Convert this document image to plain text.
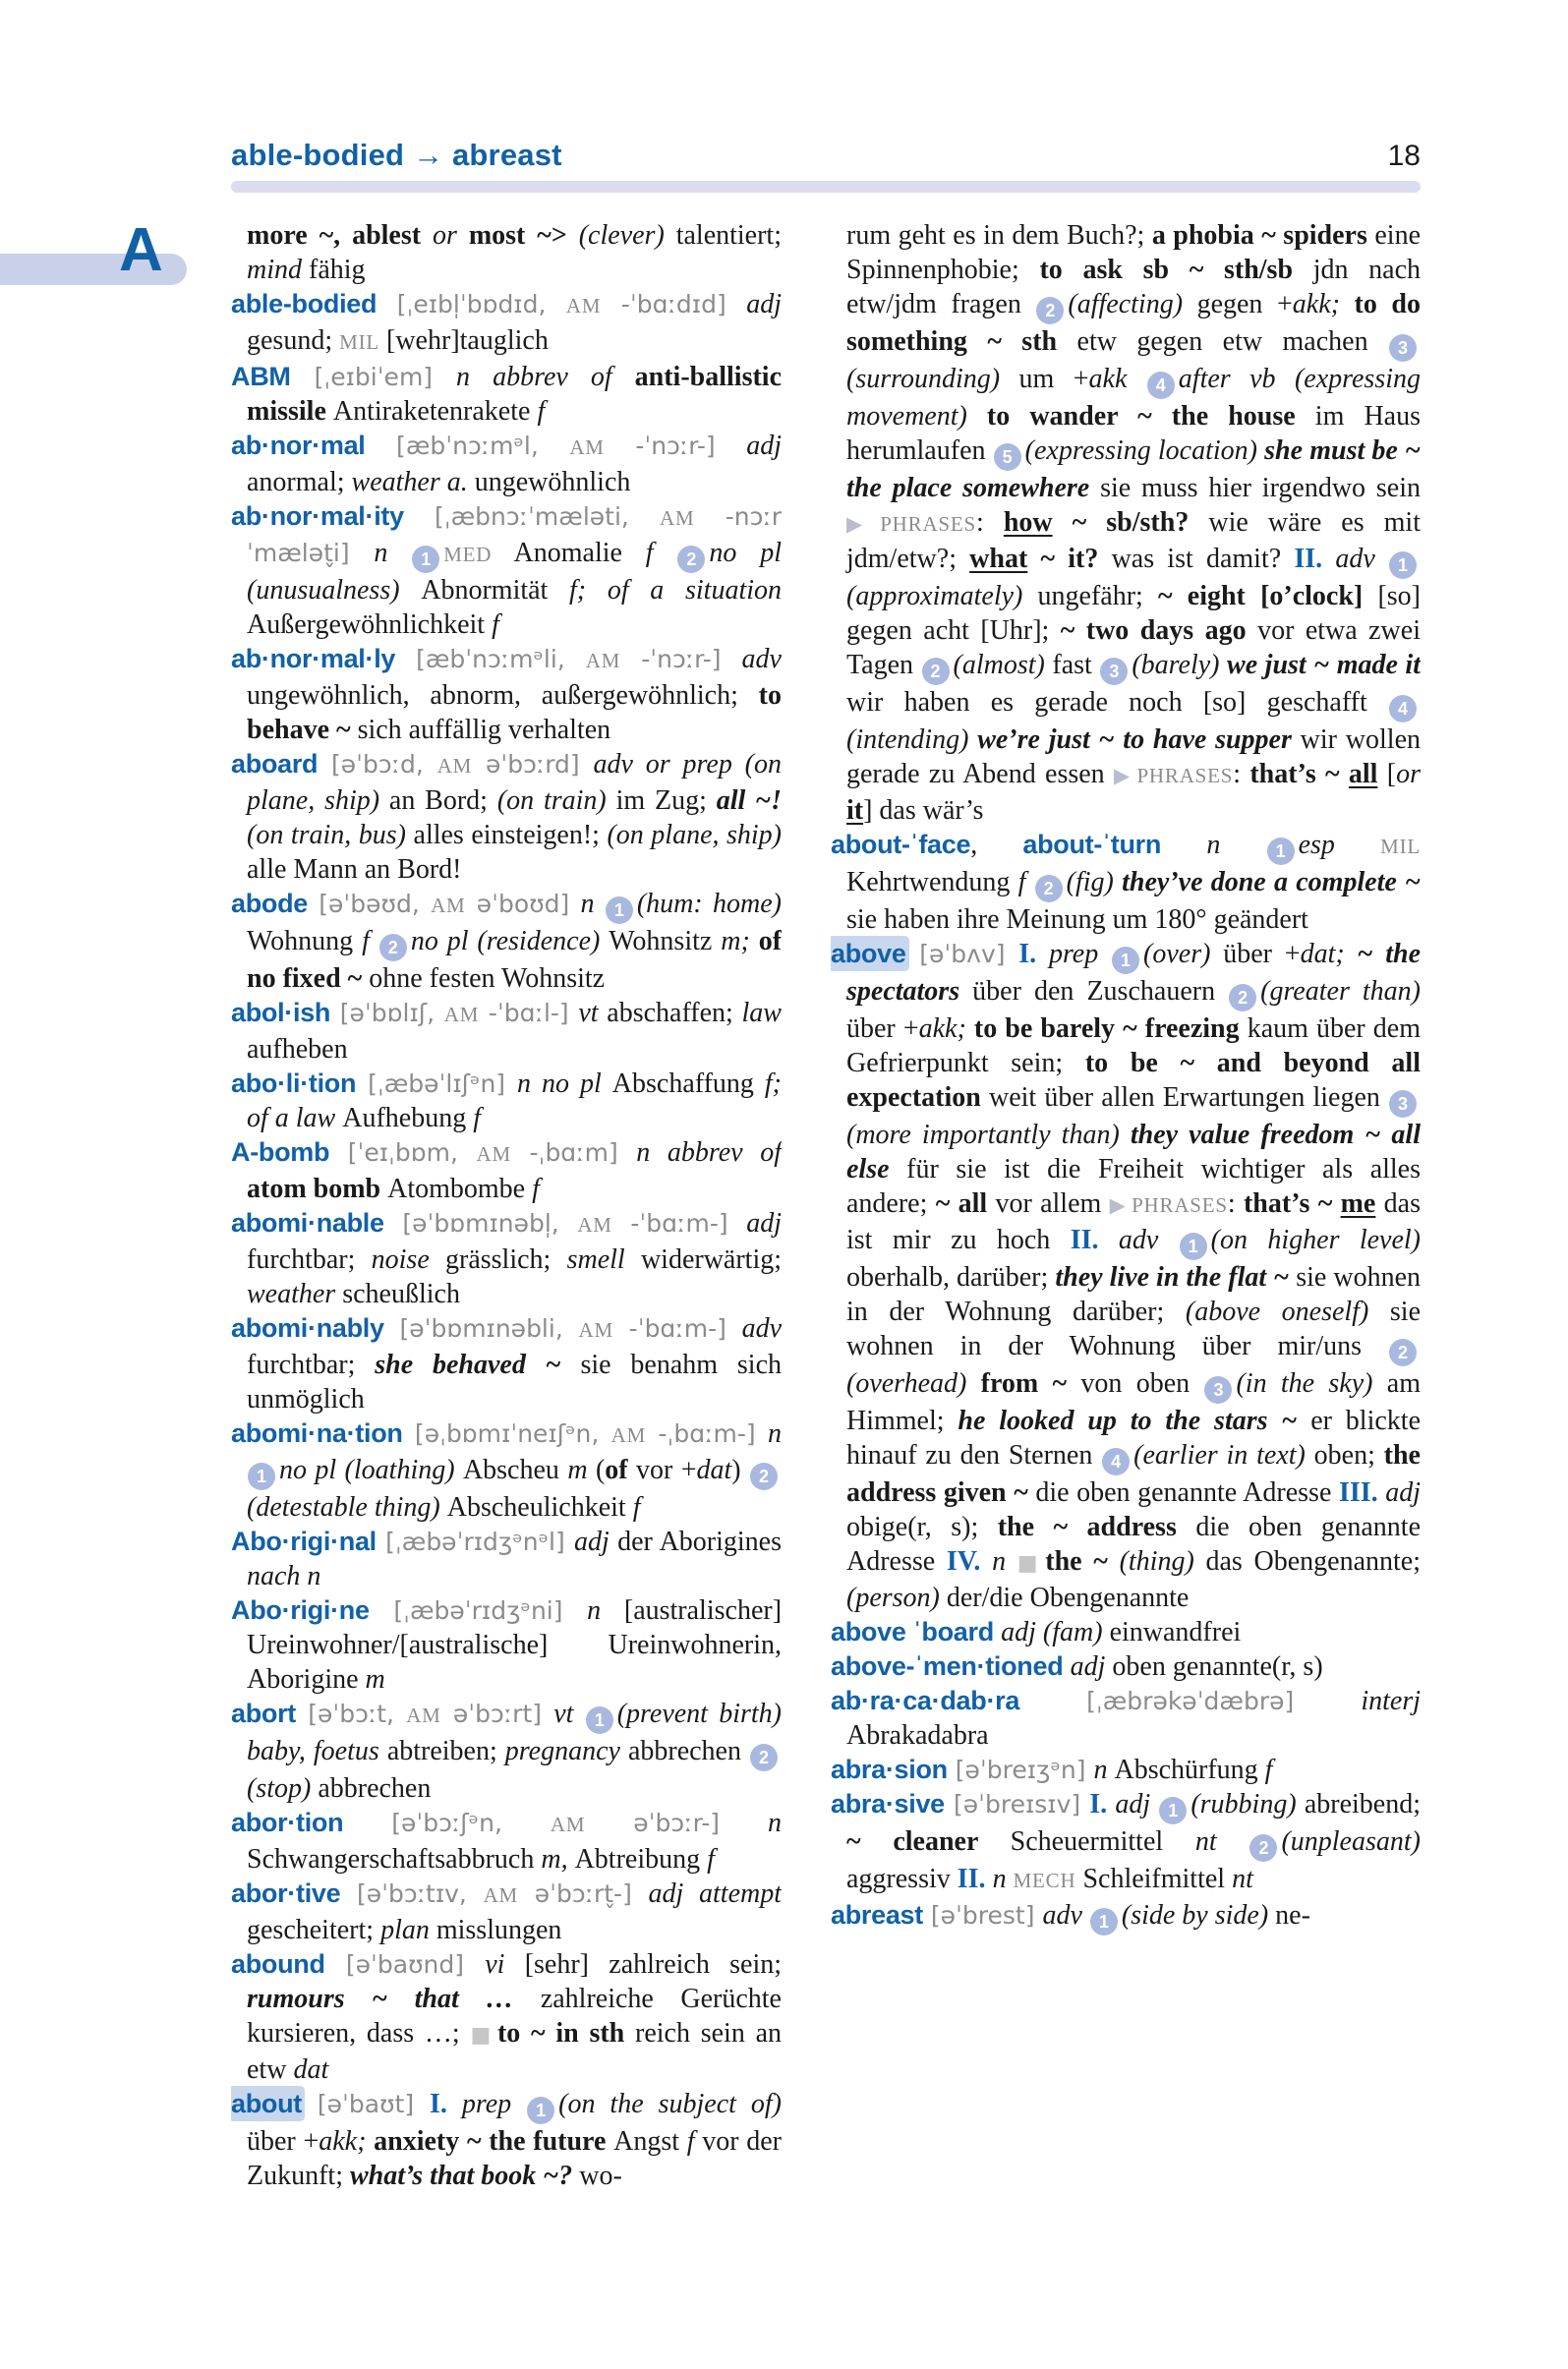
able-bodied → abreast	18
A	more ~, ablest or most ~> (clever) talentiert; mind fähig

able-bodied [ˌeɪbl̩ˈbɒdɪd, AM -ˈbɑːdɪd] adj gesund; MIL [wehr]tauglich

ABM [ˌeɪbiˈem] n abbrev of anti-ballistic missile Antiraketenrakete f

ab·nor·mal [æbˈnɔːmᵊl, AM -ˈnɔːr-] adj anormal; weather a. ungewöhnlich

ab·nor·mal·ity [ˌæbnɔːˈmæləti, AM -nɔːrˈmælət̬i] n 1 MED Anomalie f 2 no pl (unusualness) Abnormität f; of a situation Außergewöhnlichkeit f

ab·nor·mal·ly [æbˈnɔːmᵊli, AM -ˈnɔːr-] adv ungewöhnlich, abnorm, außergewöhnlich; to behave ~ sich auffällig verhalten

aboard [əˈbɔːd, AM əˈbɔːrd] adv or prep (on plane, ship) an Bord; (on train) im Zug; all ~! (on train, bus) alles einsteigen!; (on plane, ship) alle Mann an Bord!

abode [əˈbəʊd, AM əˈboʊd] n 1 (hum: home) Wohnung f 2 no pl (residence) Wohnsitz m; of no fixed ~ ohne festen Wohnsitz

abol·ish [əˈbɒlɪʃ, AM -ˈbɑːl-] vt abschaffen; law aufheben

abo·li·tion [ˌæbəˈlɪʃᵊn] n no pl Abschaffung f; of a law Aufhebung f

A-bomb [ˈeɪˌbɒm, AM -ˌbɑːm] n abbrev of atom bomb Atombombe f

abomi·nable [əˈbɒmɪnəbl̩, AM -ˈbɑːm-] adj furchtbar; noise grässlich; smell widerwärtig; weather scheußlich

abomi·nably [əˈbɒmɪnəbli, AM -ˈbɑːm-] adv furchtbar; she behaved ~ sie benahm sich unmöglich

abomi·na·tion [əˌbɒmɪˈneɪʃᵊn, AM -ˌbɑːm-] n 1 no pl (loathing) Abscheu m (of vor +dat) 2(detestable thing) Abscheulichkeit f

Abo·rigi·nal [ˌæbəˈrɪdʒᵊnᵊl] adj der Aborigines nach n

Abo·rigi·ne [ˌæbəˈrɪdʒᵊni] n [australischer] Ureinwohner/[australische] Ureinwohnerin, Aborigine m

abort [əˈbɔːt, AM əˈbɔːrt] vt 1 (prevent birth) baby, foetus abtreiben; pregnancy abbrechen 2(stop) abbrechen

abor·tion [əˈbɔːʃᵊn, AM əˈbɔːr-] n Schwangerschaftsabbruch m, Abtreibung f

abor·tive [əˈbɔːtɪv, AM əˈbɔːrt̬-] adj attempt gescheitert; plan misslungen

abound [əˈbaʊnd] vi [sehr] zahlreich sein; rumours ~ that … zahlreiche Gerüchte kursieren, dass …; ■ to ~ in sth reich sein an etw dat

about [əˈbaʊt] I. prep 1 (on the subject of) über +akk; anxiety ~ the future Angst f vor der Zukunft; what’s that book ~? wo-

rum geht es in dem Buch?; a phobia ~ spiders eine Spinnenphobie; to ask sb ~ sth/sb jdn nach etw/jdm fragen 2 (affecting) gegen +akk; to do something ~ sth etw gegen etw machen 3(surrounding) um +akk 4 after vb (expressing movement) to wander ~ the house im Haus herumlaufen 5 (expressing location) she must be ~ the place somewhere sie muss hier irgendwo sein ▶ PHRASES: how ~ sb/sth? wie wäre es mit jdm/etw?; what ~ it? was ist damit? II. adv 1(approximately) ungefähr; ~ eight [o’clock] [so] gegen acht [Uhr]; ~ two days ago vor etwa zwei Tagen 2 (almost) fast 3 (barely) we just ~ made it wir haben es gerade noch [so] geschafft 4(intending) we’re just ~ to have supper wir wollen gerade zu Abend essen ▶ PHRASES: that’s ~ all [or it] das wär’s

about-ˈface, about-ˈturn n 1 esp MIL Kehrtwendung f 2 (fig) they’ve done a complete ~ sie haben ihre Meinung um 180° geändert

above [əˈbʌv] I. prep 1 (over) über +dat; ~ the spectators über den Zuschauern 2 (greater than) über +akk; to be barely ~ freezing kaum über dem Gefrierpunkt sein; to be ~ and beyond all expectation weit über allen Erwartungen liegen 3(more importantly than) they value freedom ~ all else für sie ist die Freiheit wichtiger als alles andere; ~ all vor allem ▶ PHRASES: that’s ~ me das ist mir zu hoch II. adv 1 (on higher level) oberhalb, darüber; they live in the flat ~ sie wohnen in der Wohnung darüber; (above oneself) sie wohnen in der Wohnung über mir/uns 2(overhead) from ~ von oben 3 (in the sky) am Himmel; he looked up to the stars ~ er blickte hinauf zu den Sternen 4 (earlier in text) oben; the address given ~ die oben genannte Adresse III. adj obige(r, s); the ~ address die oben genannte Adresse IV. n ■ the ~ (thing) das Obengenannte; (person) der/die Obengenannte

above ˈboard adj (fam) einwandfrei

above-ˈmen·tioned adj oben genannte(r, s)

ab·ra·ca·dab·ra [ˌæbrəkəˈdæbrə] interj Abrakadabra

abra·sion [əˈbreɪʒᵊn] n Abschürfung f

abra·sive [əˈbreɪsɪv] I. adj 1 (rubbing) abreibend; ~ cleaner Scheuermittel nt 2 (unpleasant) aggressiv II. n MECH Schleifmittel nt

abreast [əˈbrest] adv 1 (side by side) ne-
